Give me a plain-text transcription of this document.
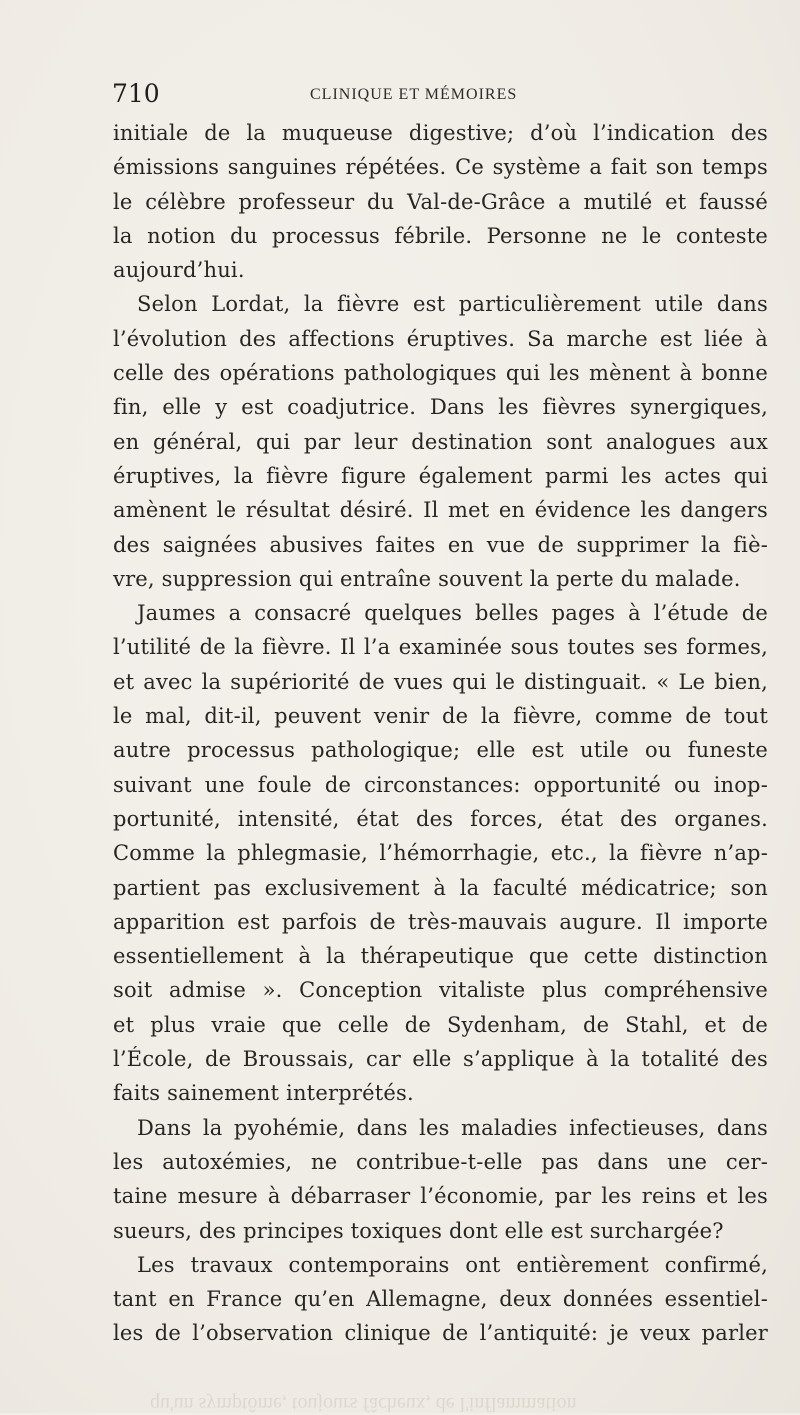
710	CLINIQUE ET MÉMOIRES
initiale de la muqueuse digestive; d’où l’indication des
émissions sanguines répétées. Ce système a fait son temps
le célèbre professeur du Val-de-Grâce a mutilé et faussé
la notion du processus fébrile. Personne ne le conteste
aujourd’hui.
Selon Lordat, la fièvre est particulièrement utile dans
l’évolution des affections éruptives. Sa marche est liée à
celle des opérations pathologiques qui les mènent à bonne
fin, elle y est coadjutrice. Dans les fièvres synergiques,
en général, qui par leur destination sont analogues aux
éruptives, la fièvre figure également parmi les actes qui
amènent le résultat désiré. Il met en évidence les dangers
des saignées abusives faites en vue de supprimer la fiè-
vre, suppression qui entraîne souvent la perte du malade.
Jaumes a consacré quelques belles pages à l’étude de
l’utilité de la fièvre. Il l’a examinée sous toutes ses formes,
et avec la supériorité de vues qui le distinguait. « Le bien,
le mal, dit-il, peuvent venir de la fièvre, comme de tout
autre processus pathologique; elle est utile ou funeste
suivant une foule de circonstances: opportunité ou inop-
portunité, intensité, état des forces, état des organes.
Comme la phlegmasie, l’hémorrhagie, etc., la fièvre n’ap-
partient pas exclusivement à la faculté médicatrice; son
apparition est parfois de très-mauvais augure. Il importe
essentiellement à la thérapeutique que cette distinction
soit admise ». Conception vitaliste plus compréhensive
et plus vraie que celle de Sydenham, de Stahl, et de
l’École, de Broussais, car elle s’applique à la totalité des
faits sainement interprétés.
Dans la pyohémie, dans les maladies infectieuses, dans
les autoxémies, ne contribue-t-elle pas dans une cer-
taine mesure à débarraser l’économie, par les reins et les
sueurs, des principes toxiques dont elle est surchargée?
Les travaux contemporains ont entièrement confirmé,
tant en France qu’en Allemagne, deux données essentiel-
les de l’observation clinique de l’antiquité: je veux parler
qu'un symptôme, toujours fâcheux, de l'inflammation
